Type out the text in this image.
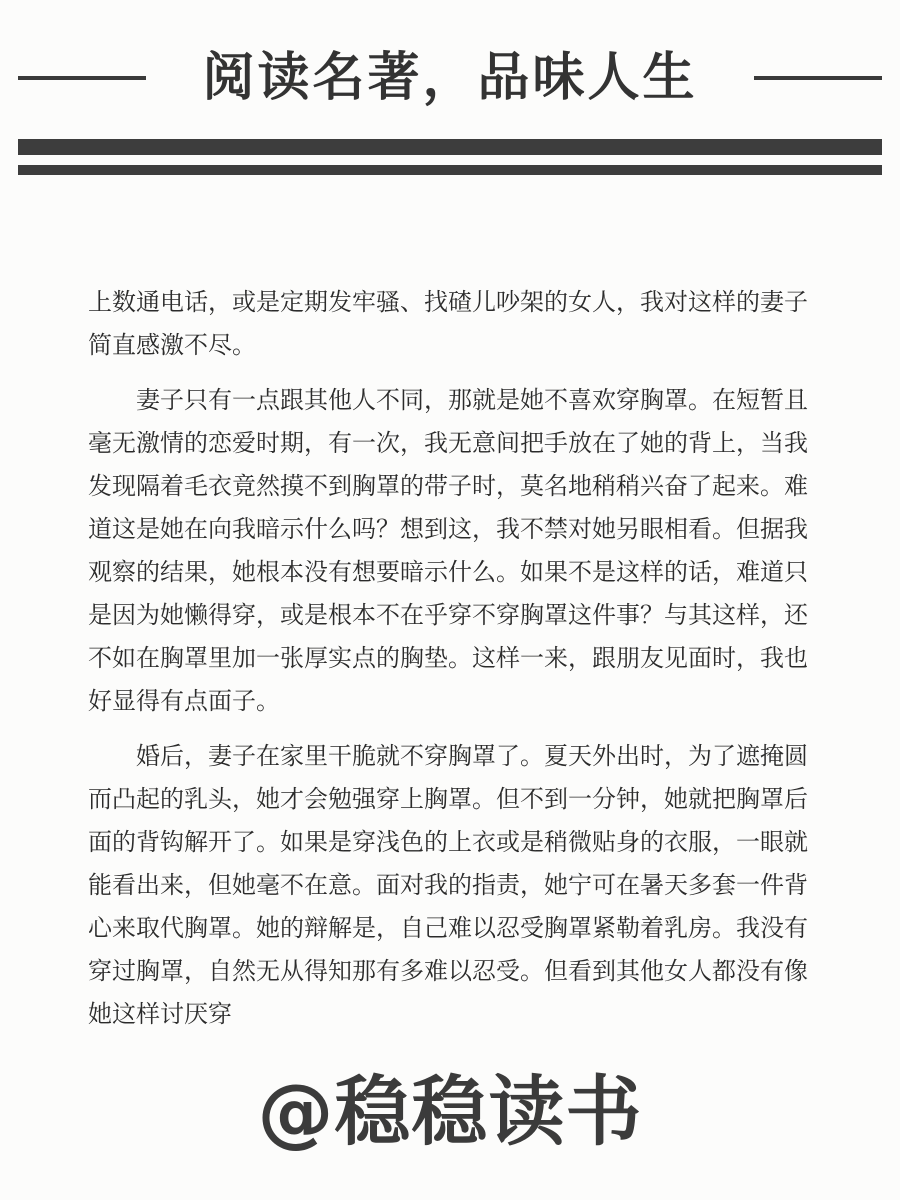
阅读名著，品味人生

上数通电话，或是定期发牢骚、找碴儿吵架的女人，我对这样的妻子简直感激不尽。

妻子只有一点跟其他人不同，那就是她不喜欢穿胸罩。在短暂且毫无激情的恋爱时期，有一次，我无意间把手放在了她的背上，当我发现隔着毛衣竟然摸不到胸罩的带子时，莫名地稍稍兴奋了起来。难道这是她在向我暗示什么吗？想到这，我不禁对她另眼相看。但据我观察的结果，她根本没有想要暗示什么。如果不是这样的话，难道只是因为她懒得穿，或是根本不在乎穿不穿胸罩这件事？与其这样，还不如在胸罩里加一张厚实点的胸垫。这样一来，跟朋友见面时，我也好显得有点面子。

婚后，妻子在家里干脆就不穿胸罩了。夏天外出时，为了遮掩圆而凸起的乳头，她才会勉强穿上胸罩。但不到一分钟，她就把胸罩后面的背钩解开了。如果是穿浅色的上衣或是稍微贴身的衣服，一眼就能看出来，但她毫不在意。面对我的指责，她宁可在暑天多套一件背心来取代胸罩。她的辩解是，自己难以忍受胸罩紧勒着乳房。我没有穿过胸罩，自然无从得知那有多难以忍受。但看到其他女人都没有像她这样讨厌穿

@稳稳读书
